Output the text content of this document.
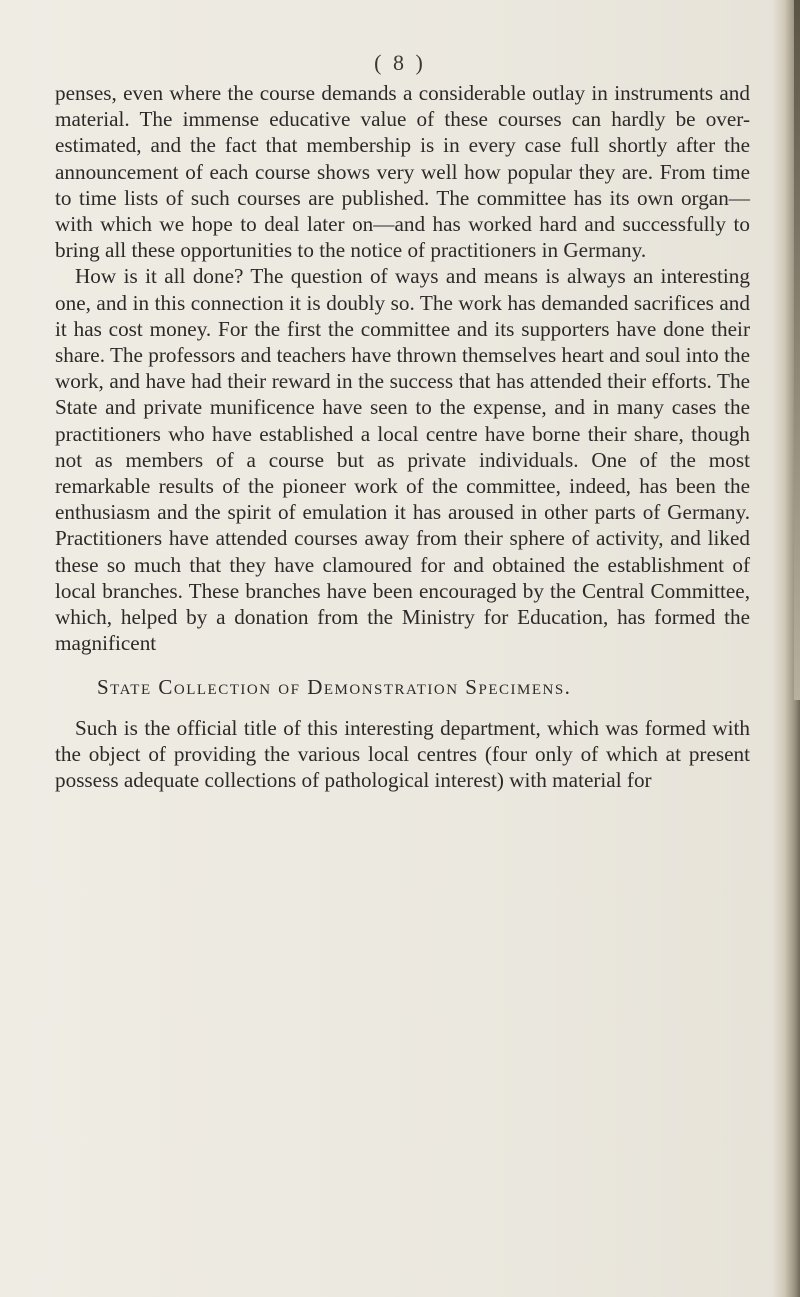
( 8 )

penses, even where the course demands a considerable outlay in instruments and material. The immense educative value of these courses can hardly be over-estimated, and the fact that membership is in every case full shortly after the announcement of each course shows very well how popular they are. From time to time lists of such courses are published. The committee has its own organ—with which we hope to deal later on—and has worked hard and successfully to bring all these opportunities to the notice of practitioners in Germany.

How is it all done? The question of ways and means is always an interesting one, and in this connection it is doubly so. The work has demanded sacrifices and it has cost money. For the first the committee and its supporters have done their share. The professors and teachers have thrown themselves heart and soul into the work, and have had their reward in the success that has attended their efforts. The State and private munificence have seen to the expense, and in many cases the practitioners who have established a local centre have borne their share, though not as members of a course but as private individuals. One of the most remarkable results of the pioneer work of the committee, indeed, has been the enthusiasm and the spirit of emulation it has aroused in other parts of Germany. Practitioners have attended courses away from their sphere of activity, and liked these so much that they have clamoured for and obtained the establishment of local branches. These branches have been encouraged by the Central Committee, which, helped by a donation from the Ministry for Education, has formed the magnificent

State Collection of Demonstration Specimens.

Such is the official title of this interesting department, which was formed with the object of providing the various local centres (four only of which at present possess adequate collections of pathological interest) with material for
